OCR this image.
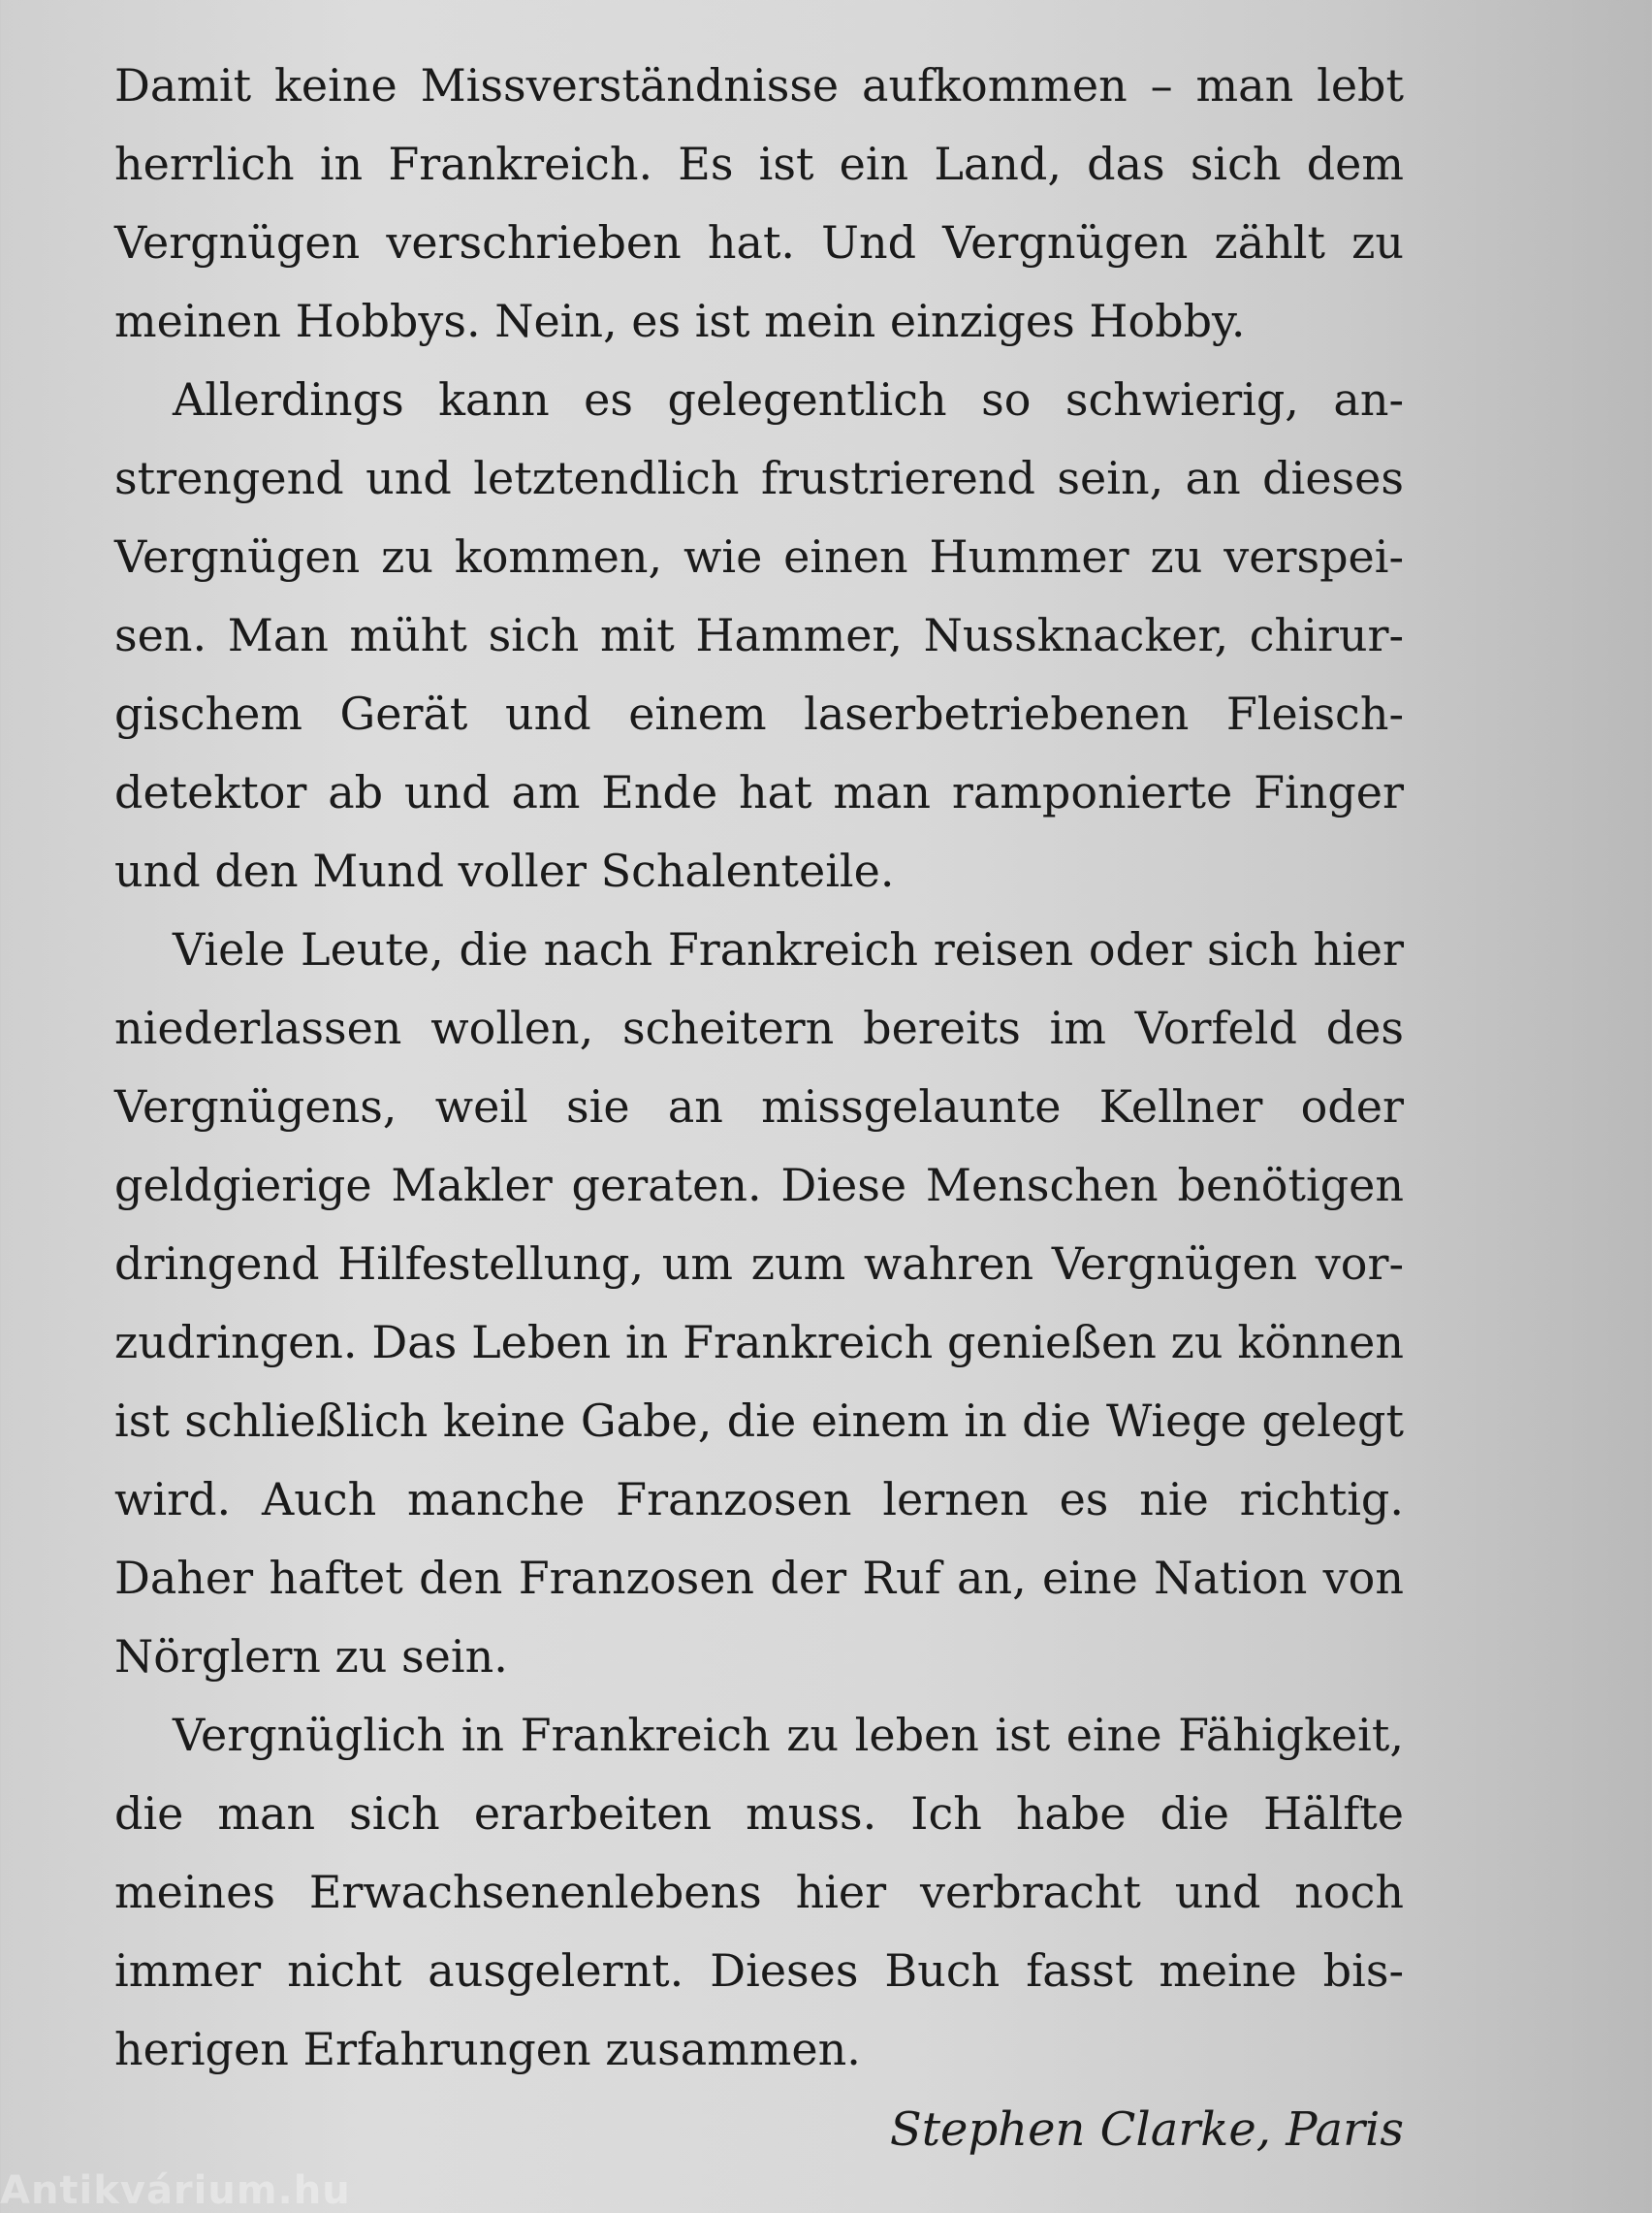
Damit keine Missverständnisse aufkommen – man lebt herrlich in Frankreich. Es ist ein Land, das sich dem Vergnügen verschrieben hat. Und Vergnügen zählt zu meinen Hobbys. Nein, es ist mein einziges Hobby.

Allerdings kann es gelegentlich so schwierig, anstrengend und letztendlich frustrierend sein, an dieses Vergnügen zu kommen, wie einen Hummer zu verspeisen. Man müht sich mit Hammer, Nussknacker, chirurgischem Gerät und einem laserbetriebenen Fleischdetektor ab und am Ende hat man ramponierte Finger und den Mund voller Schalenteile.

Viele Leute, die nach Frankreich reisen oder sich hier niederlassen wollen, scheitern bereits im Vorfeld des Vergnügens, weil sie an missgelaunte Kellner oder geldgierige Makler geraten. Diese Menschen benötigen dringend Hilfestellung, um zum wahren Vergnügen vorzudringen. Das Leben in Frankreich genießen zu können ist schließlich keine Gabe, die einem in die Wiege gelegt wird. Auch manche Franzosen lernen es nie richtig. Daher haftet den Franzosen der Ruf an, eine Nation von Nörglern zu sein.

Vergnüglich in Frankreich zu leben ist eine Fähigkeit, die man sich erarbeiten muss. Ich habe die Hälfte meines Erwachsenenlebens hier verbracht und noch immer nicht ausgelernt. Dieses Buch fasst meine bisherigen Erfahrungen zusammen.

Stephen Clarke, Paris

Antikvárium.hu
